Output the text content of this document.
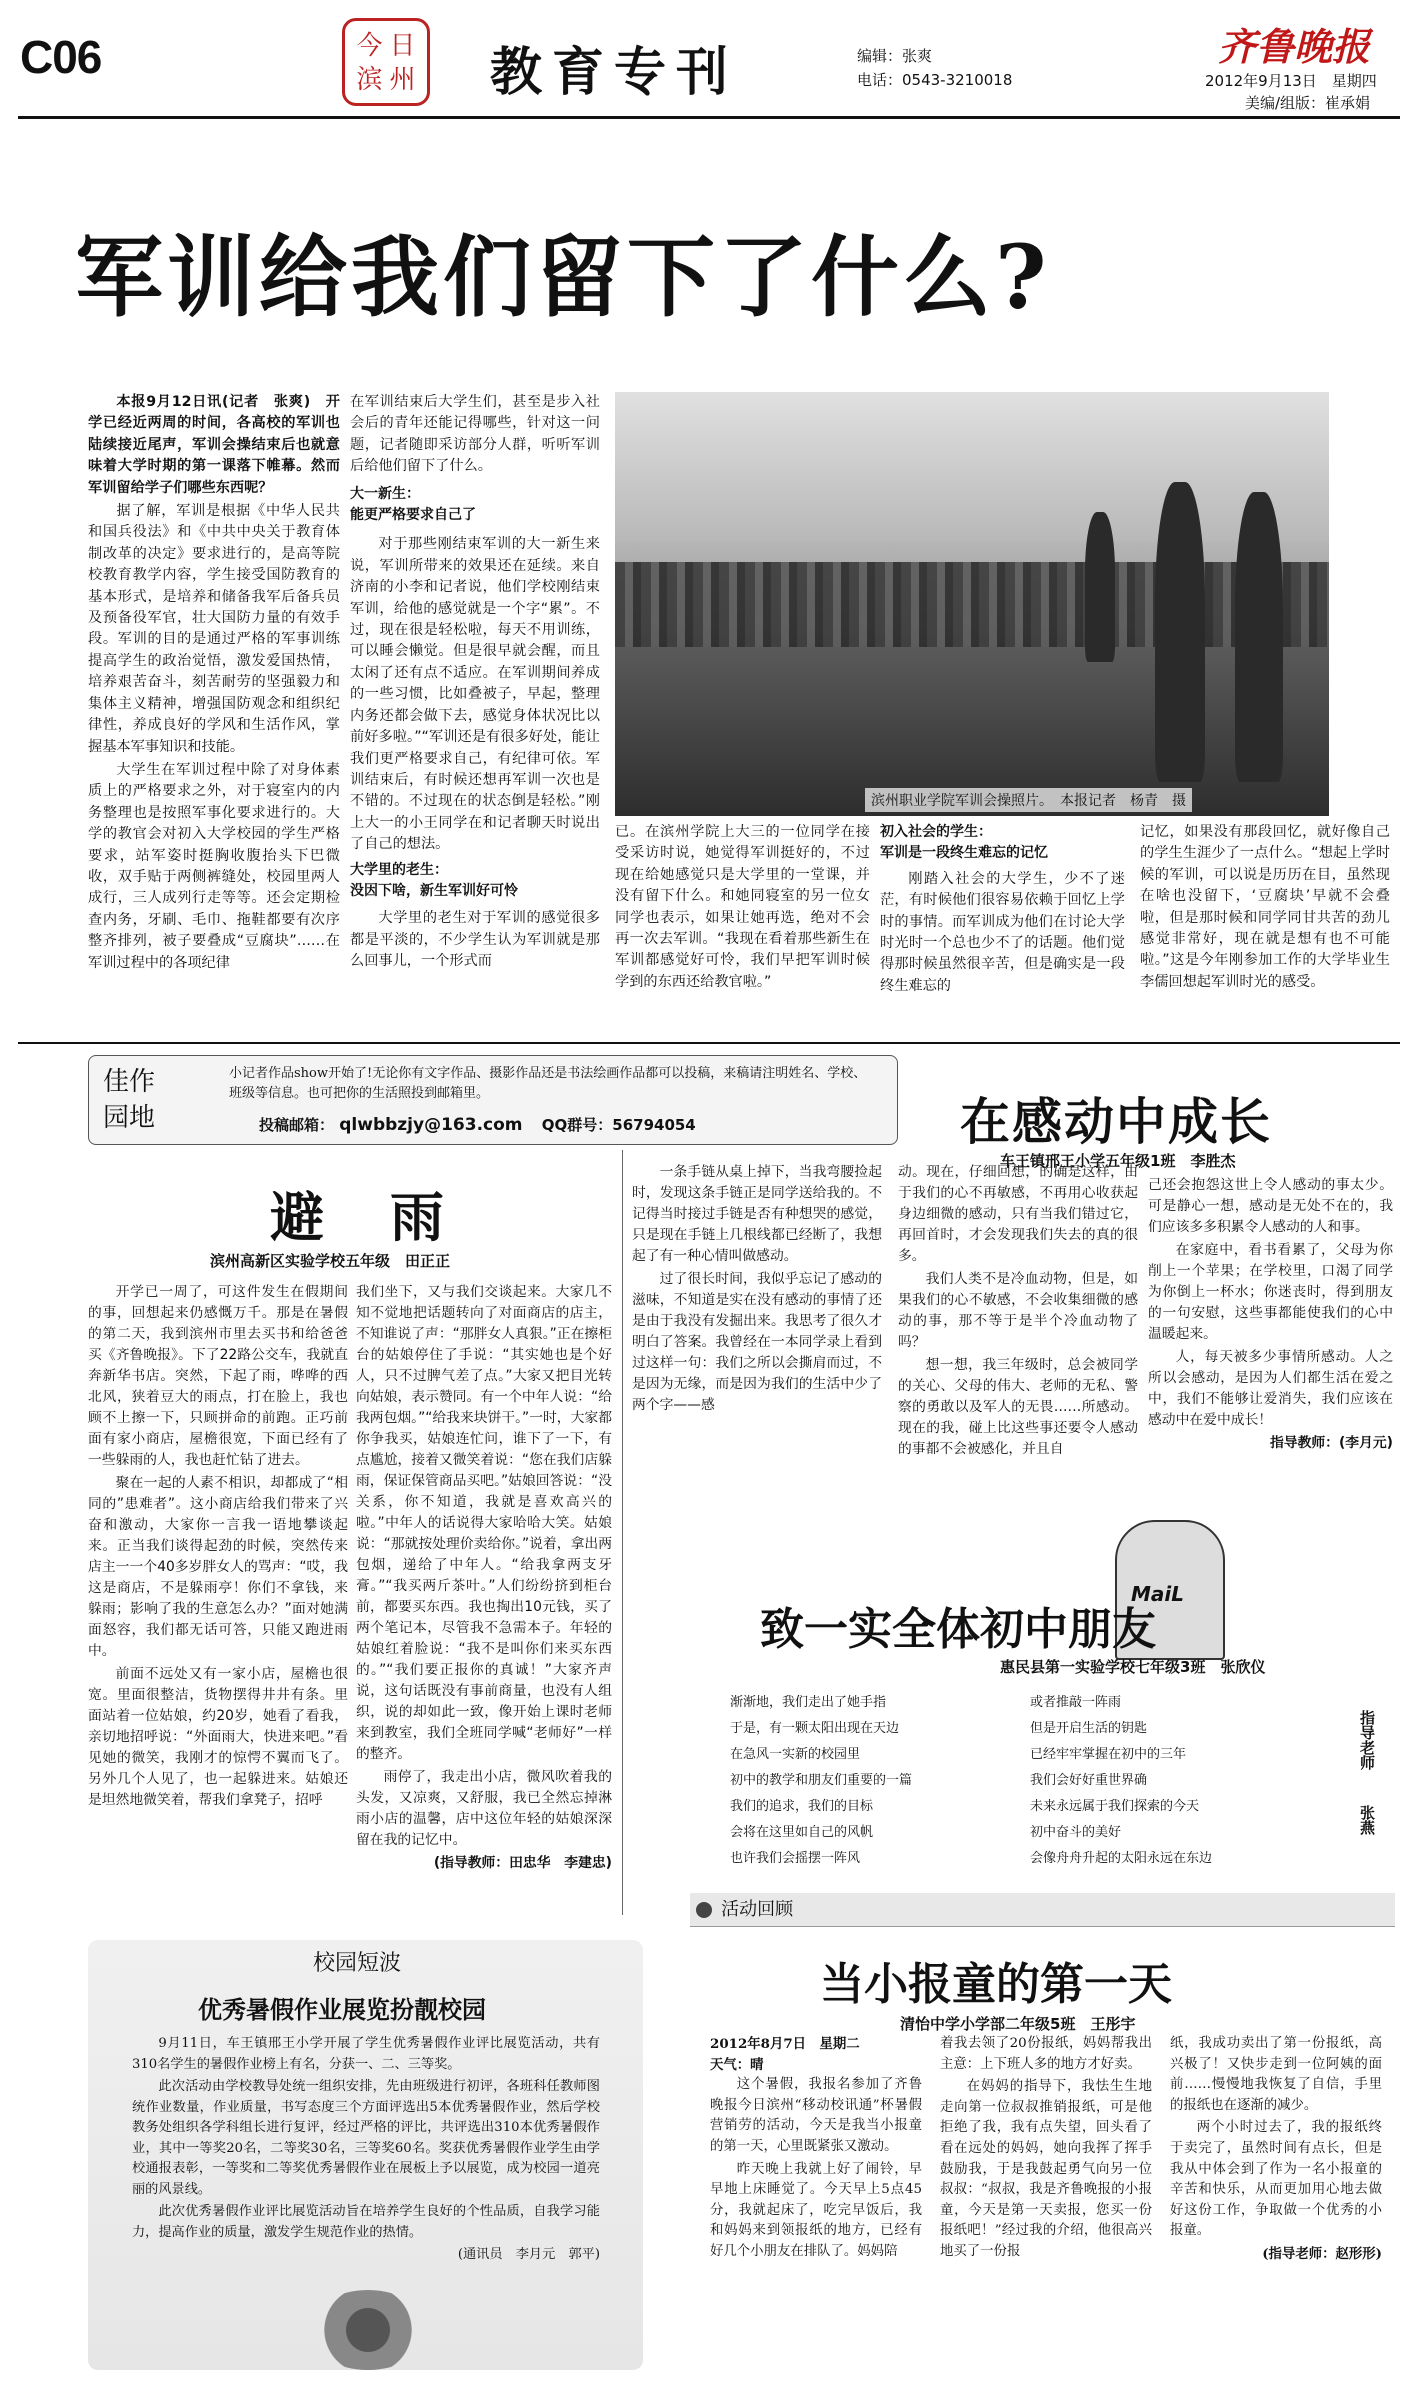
C06	今 日
滨 州 教育专刊	编辑：张爽
电话：0543-3210018
齐鲁晚报
2012年9月13日　星期四
美编/组版：崔承娟
军训给我们留下了什么?

本报9月12日讯(记者　张爽)　开学已经近两周的时间，各高校的军训也陆续接近尾声，军训会操结束后也就意味着大学时期的第一课落下帷幕。然而军训留给学子们哪些东西呢？

据了解，军训是根据《中华人民共和国兵役法》和《中共中央关于教育体制改革的决定》要求进行的，是高等院校教育教学内容，学生接受国防教育的基本形式，是培养和储备我军后备兵员及预备役军官，壮大国防力量的有效手段。军训的目的是通过严格的军事训练提高学生的政治觉悟，激发爱国热情，培养艰苦奋斗，刻苦耐劳的坚强毅力和集体主义精神，增强国防观念和组织纪律性，养成良好的学风和生活作风，掌握基本军事知识和技能。

大学生在军训过程中除了对身体素质上的严格要求之外，对于寝室内的内务整理也是按照军事化要求进行的。大学的教官会对初入大学校园的学生严格要求，站军姿时挺胸收腹抬头下巴微收，双手贴于两侧裤缝处，校园里两人成行，三人成列行走等等。还会定期检查内务，牙刷、毛巾、拖鞋都要有次序整齐排列，被子要叠成“豆腐块”……在军训过程中的各项纪律

在军训结束后大学生们，甚至是步入社会后的青年还能记得哪些，针对这一问题，记者随即采访部分人群，听听军训后给他们留下了什么。

大一新生：
能更严格要求自己了

对于那些刚结束军训的大一新生来说，军训所带来的效果还在延续。来自济南的小李和记者说，他们学校刚结束军训，给他的感觉就是一个字“累”。不过，现在很是轻松啦，每天不用训练，可以睡会懒觉。但是很早就会醒，而且太闲了还有点不适应。在军训期间养成的一些习惯，比如叠被子，早起，整理内务还都会做下去，感觉身体状况比以前好多啦。”“军训还是有很多好处，能让我们更严格要求自己，有纪律可依。军训结束后，有时候还想再军训一次也是不错的。不过现在的状态倒是轻松。”刚上大一的小王同学在和记者聊天时说出了自己的想法。

大学里的老生：
没因下啥，新生军训好可怜

大学里的老生对于军训的感觉很多都是平淡的，不少学生认为军训就是那么回事儿，一个形式而

滨州职业学院军训会操照片。　本报记者　杨青　摄

已。在滨州学院上大三的一位同学在接受采访时说，她觉得军训挺好的，不过现在给她感觉只是大学里的一堂课，并没有留下什么。和她同寝室的另一位女同学也表示，如果让她再选，绝对不会再一次去军训。“我现在看着那些新生在军训都感觉好可怜，我们早把军训时候学到的东西还给教官啦。”

初入社会的学生：
军训是一段终生难忘的记忆

刚踏入社会的大学生，少不了迷茫，有时候他们很容易依赖于回忆上学时的事情。而军训成为他们在讨论大学时光时一个总也少不了的话题。他们觉得那时候虽然很辛苦，但是确实是一段终生难忘的

记忆，如果没有那段回忆，就好像自己的学生生涯少了一点什么。“想起上学时候的军训，可以说是历历在目，虽然现在啥也没留下，‘豆腐块’早就不会叠啦，但是那时候和同学同甘共苦的劲儿感觉非常好，现在就是想有也不可能啦。”这是今年刚参加工作的大学毕业生李儒回想起军训时光的感受。

佳作
园地
小记者作品show开始了!无论你有文字作品、摄影作品还是书法绘画作品都可以投稿，来稿请注明姓名、学校、班级等信息。也可把你的生活照投到邮箱里。
投稿邮箱： qlwbbzjy@163.com QQ群号：56794054
避　雨
滨州高新区实验学校五年级　田正正

开学已一周了，可这件发生在假期间的事，回想起来仍感慨万千。那是在暑假的第二天，我到滨州市里去买书和给爸爸买《齐鲁晚报》。下了22路公交车，我就直奔新华书店。突然，下起了雨，哗哗的西北风，狭着豆大的雨点，打在脸上，我也顾不上擦一下，只顾拼命的前跑。正巧前面有家小商店，屋檐很宽，下面已经有了一些躲雨的人，我也赶忙钻了进去。

聚在一起的人素不相识，却都成了“相同的”患难者”。这小商店给我们带来了兴奋和激动，大家你一言我一语地攀谈起来。正当我们谈得起劲的时候，突然传来店主一一个40多岁胖女人的骂声：“哎，我这是商店，不是躲雨亭！你们不拿钱，来躲雨；影响了我的生意怎么办？”面对她满面怒容，我们都无话可答，只能又跑进雨中。

前面不远处又有一家小店，屋檐也很宽。里面很整洁，货物摆得井井有条。里面站着一位姑娘，约20岁，她看了看我，亲切地招呼说：“外面雨大，快进来吧。”看见她的微笑，我刚才的惊愕不翼而飞了。另外几个人见了，也一起躲进来。姑娘还是坦然地微笑着，帮我们拿凳子，招呼

我们坐下，又与我们交谈起来。大家几不知不觉地把话题转向了对面商店的店主，不知谁说了声：“那胖女人真狠。”正在擦柜台的姑娘停住了手说：“其实她也是个好人，只不过脾气差了点。”大家又把目光转向姑娘，表示赞同。有一个中年人说：“给我两包烟。”“给我来块饼干。”一时，大家都你争我买，姑娘连忙问，谁下了一下，有点尴尬，接着又微笑着说：“您在我们店躲雨，保证保管商品买吧。”姑娘回答说：“没关系，你不知道，我就是喜欢高兴的啦。”中年人的话说得大家哈哈大笑。姑娘说：“那就按处理价卖给你。”说着，拿出两包烟，递给了中年人。“给我拿两支牙膏。”“我买两斤茶叶。”人们纷纷挤到柜台前，都要买东西。我也掏出10元钱，买了两个笔记本，尽管我不急需本子。年轻的姑娘红着脸说：“我不是叫你们来买东西的。”“我们要正报你的真诚！”大家齐声说，这句话既没有事前商量，也没有人组织，说的却如此一致，像开始上课时老师来到教室，我们全班同学喊“老师好”一样的整齐。

雨停了，我走出小店，微风吹着我的头发，又凉爽，又舒服，我已全然忘掉淋雨小店的温馨，店中这位年轻的姑娘深深留在我的记忆中。

(指导教师：田忠华　李建忠)
校园短波
优秀暑假作业展览扮靓校园

9月11日，车王镇邢王小学开展了学生优秀暑假作业评比展览活动，共有310名学生的暑假作业榜上有名，分获一、二、三等奖。

此次活动由学校教导处统一组织安排，先由班级进行初评，各班科任教师图统作业数量，作业质量，书写态度三个方面评选出5本优秀暑假作业，然后学校教务处组织各学科组长进行复评，经过严格的评比，共评选出310本优秀暑假作业，其中一等奖20名，二等奖30名，三等奖60名。奖获优秀暑假作业学生由学校通报表彰，一等奖和二等奖优秀暑假作业在展板上予以展览，成为校园一道亮丽的风景线。

此次优秀暑假作业评比展览活动旨在培养学生良好的个性品质，自我学习能力，提高作业的质量，激发学生规范作业的热情。

(通讯员　李月元　郭平)
在感动中成长
车王镇邢王小学五年级1班　李胜杰

一条手链从桌上掉下，当我弯腰捡起时，发现这条手链正是同学送给我的。不记得当时接过手链是否有种想哭的感觉，只是现在手链上几根线都已经断了，我想起了有一种心情叫做感动。

过了很长时间，我似乎忘记了感动的滋味，不知道是实在没有感动的事情了还是由于我没有发掘出来。我思考了很久才明白了答案。我曾经在一本同学录上看到过这样一句：我们之所以会撕肩而过，不是因为无缘，而是因为我们的生活中少了两个字——感

动。现在，仔细回想，的确是这样，由于我们的心不再敏感，不再用心收获起身边细微的感动，只有当我们错过它，再回首时，才会发现我们失去的真的很多。

我们人类不是冷血动物，但是，如果我们的心不敏感，不会收集细微的感动的事，那不等于是半个冷血动物了吗？

想一想，我三年级时，总会被同学的关心、父母的伟大、老师的无私、警察的勇敢以及军人的无畏……所感动。现在的我，碰上比这些事还要令人感动的事都不会被感化，并且自

己还会抱怨这世上令人感动的事太少。可是静心一想，感动是无处不在的，我们应该多多积累令人感动的人和事。

在家庭中，看书看累了，父母为你削上一个苹果；在学校里，口渴了同学为你倒上一杯水；你迷丧时，得到朋友的一句安慰，这些事都能使我们的心中温暖起来。

人，每天被多少事情所感动。人之所以会感动，是因为人们都生活在爱之中，我们不能够让爱消失，我们应该在感动中在爱中成长！

指导教师：(李月元)
MaiL
致一实全体初中朋友
惠民县第一实验学校七年级3班　张欣仪
渐渐地，我们走出了她手指
于是，有一颗太阳出现在天边
在急风一实新的校园里
初中的教学和朋友们重要的一篇
我们的追求，我们的目标
会将在这里如自己的风帆
也许我们会摇摆一阵风
或者推敲一阵雨
但是开启生活的钥匙
已经牢牢掌握在初中的三年
我们会好好重世界确
未来永远属于我们探索的今天
初中奋斗的美好
会像舟舟升起的太阳永远在东边
指导老师 张燕
活动回顾
当小报童的第一天
清怡中学小学部二年级5班　王彤宇
2012年8月7日　星期二
天气：晴

这个暑假，我报名参加了齐鲁晚报今日滨州“移动校讯通”杯暑假营销劳的活动，今天是我当小报童的第一天，心里既紧张又激动。

昨天晚上我就上好了闹铃，早早地上床睡觉了。今天早上5点45分，我就起床了，吃完早饭后，我和妈妈来到领报纸的地方，已经有好几个小朋友在排队了。妈妈陪

着我去领了20份报纸，妈妈帮我出主意：上下班人多的地方才好卖。

在妈妈的指导下，我怯生生地走向第一位叔叔推销报纸，可是他拒绝了我，我有点失望，回头看了看在远处的妈妈，她向我挥了挥手鼓励我，于是我鼓起勇气向另一位叔叔：“叔叔，我是齐鲁晚报的小报童，今天是第一天卖报，您买一份报纸吧！”经过我的介绍，他很高兴地买了一份报

纸，我成功卖出了第一份报纸，高兴极了！又快步走到一位阿姨的面前……慢慢地我恢复了自信，手里的报纸也在逐渐的减少。

两个小时过去了，我的报纸终于卖完了，虽然时间有点长，但是我从中体会到了作为一名小报童的辛苦和快乐，从而更加用心地去做好这份工作，争取做一个优秀的小报童。

(指导老师：赵形形)
